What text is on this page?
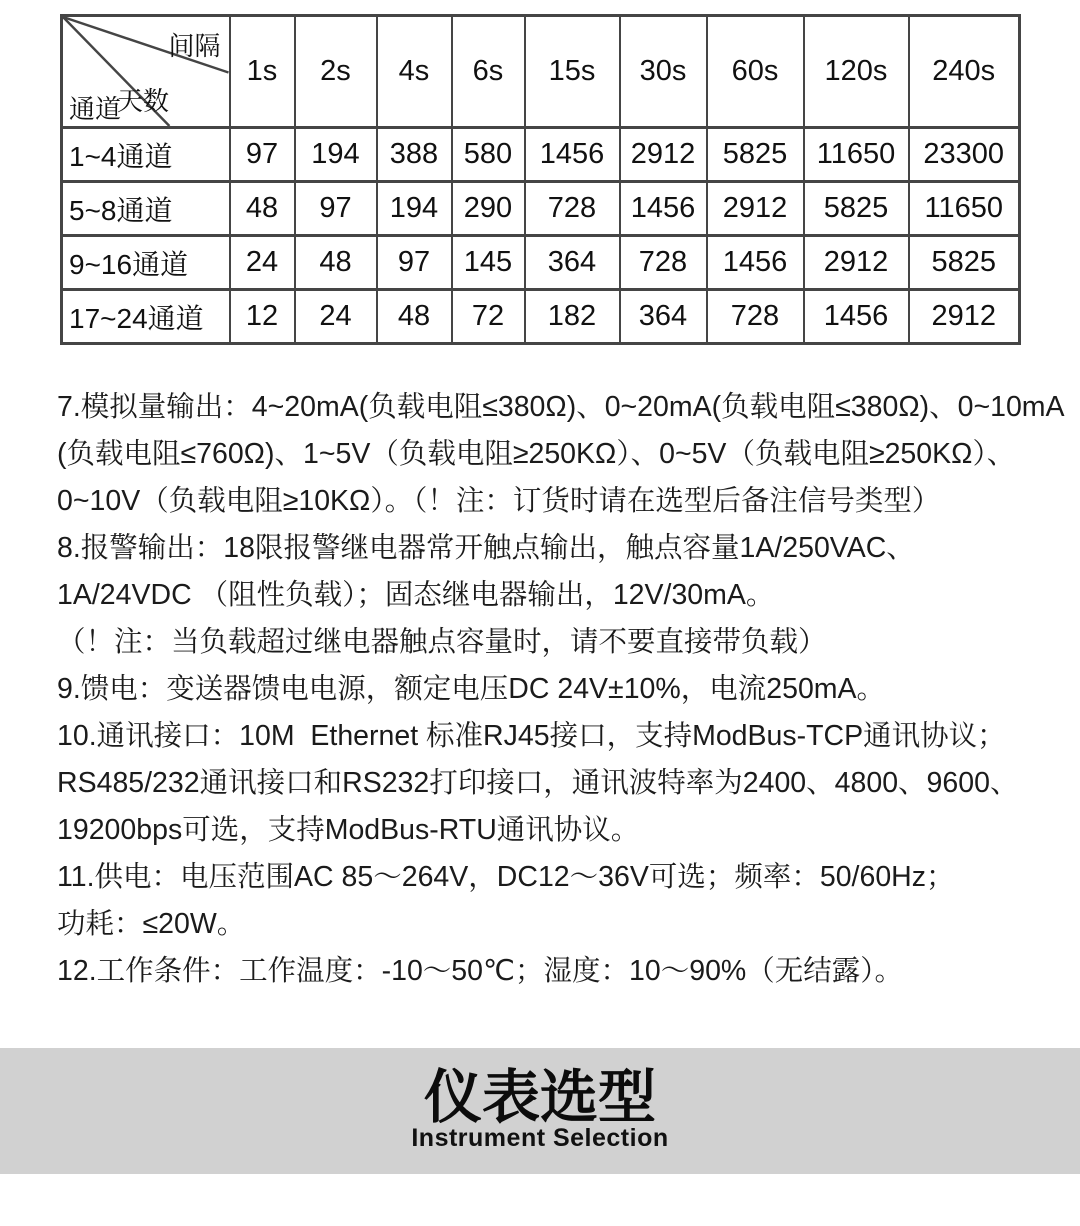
间隔
天数
通道	1s	2s	4s	6s	15s	30s	60s	120s	240s
1~4通道	97	194	388	580	1456	2912	5825	11650	23300
5~8通道	48	97	194	290	728	1456	2912	5825	11650
9~16通道	24	48	97	145	364	728	1456	2912	5825
17~24通道	12	24	48	72	182	364	728	1456	2912
7.模拟量输出：4~20mA(负载电阻≤380Ω)、0~20mA(负载电阻≤380Ω)、0~10mA
(负载电阻≤760Ω)、1~5V（负载电阻≥250KΩ）、0~5V（负载电阻≥250KΩ）、
0~10V（负载电阻≥10KΩ）。（！注：订货时请在选型后备注信号类型）
8.报警输出：18限报警继电器常开触点输出，触点容量1A/250VAC、
1A/24VDC （阻性负载）；固态继电器输出，12V/30mA。
（！注：当负载超过继电器触点容量时，请不要直接带负载）
9.馈电：变送器馈电电源，额定电压DC 24V±10%，电流250mA。
10.通讯接口：10M  Ethernet 标准RJ45接口，支持ModBus-TCP通讯协议；
RS485/232通讯接口和RS232打印接口，通讯波特率为2400、4800、9600、
19200bps可选，支持ModBus-RTU通讯协议。
11.供电：电压范围AC 85～264V，DC12～36V可选；频率：50/60Hz；
功耗：≤20W。
12.工作条件：工作温度：-10～50℃；湿度：10～90%（无结露）。
仪表选型
Instrument Selection
